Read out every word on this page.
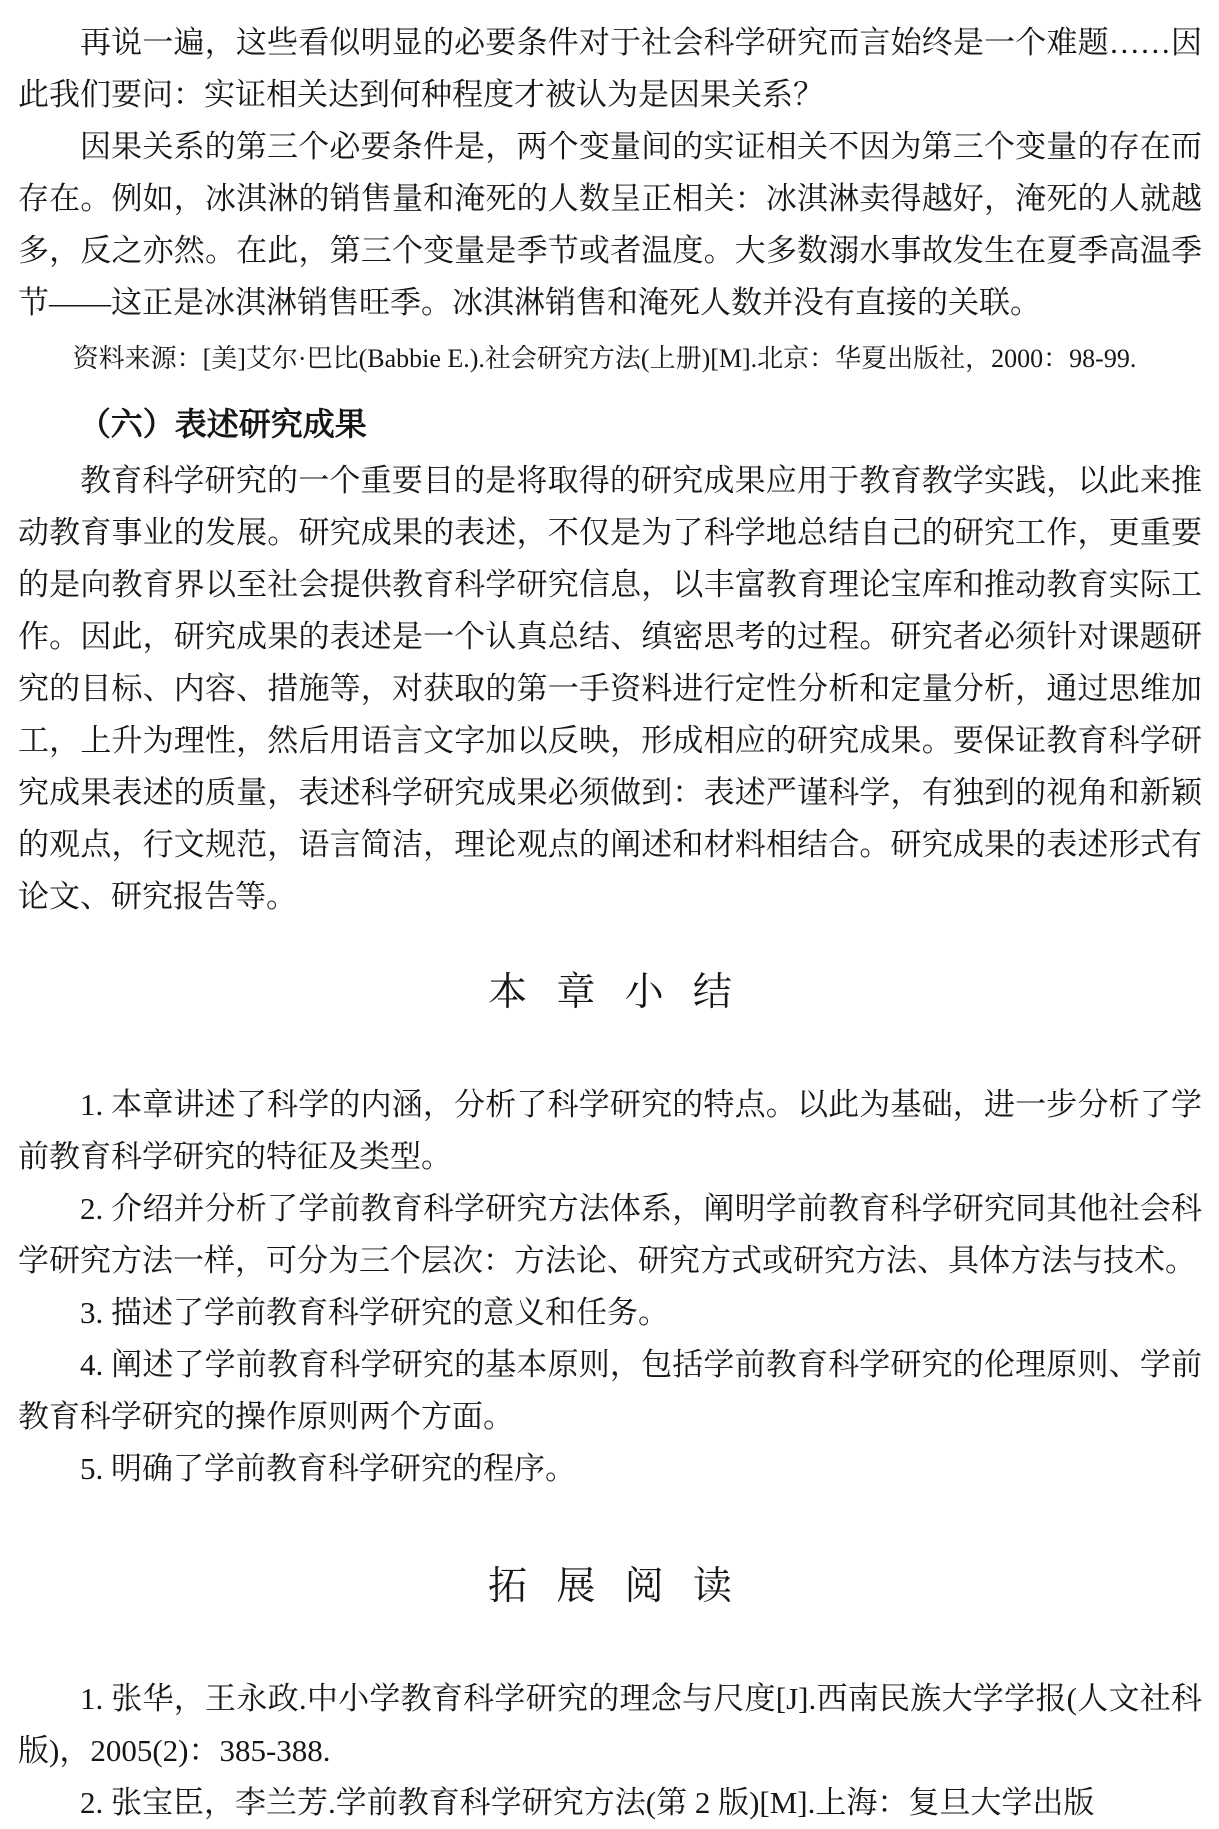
再说一遍，这些看似明显的必要条件对于社会科学研究而言始终是一个难题……因此我们要问：实证相关达到何种程度才被认为是因果关系？

因果关系的第三个必要条件是，两个变量间的实证相关不因为第三个变量的存在而存在。例如，冰淇淋的销售量和淹死的人数呈正相关：冰淇淋卖得越好，淹死的人就越多，反之亦然。在此，第三个变量是季节或者温度。大多数溺水事故发生在夏季高温季节——这正是冰淇淋销售旺季。冰淇淋销售和淹死人数并没有直接的关联。

资料来源：[美]艾尔·巴比(Babbie E.).社会研究方法(上册)[M].北京：华夏出版社，2000：98-99.

（六）表述研究成果

教育科学研究的一个重要目的是将取得的研究成果应用于教育教学实践，以此来推动教育事业的发展。研究成果的表述，不仅是为了科学地总结自己的研究工作，更重要的是向教育界以至社会提供教育科学研究信息，以丰富教育理论宝库和推动教育实际工作。因此，研究成果的表述是一个认真总结、缜密思考的过程。研究者必须针对课题研究的目标、内容、措施等，对获取的第一手资料进行定性分析和定量分析，通过思维加工，上升为理性，然后用语言文字加以反映，形成相应的研究成果。要保证教育科学研究成果表述的质量，表述科学研究成果必须做到：表述严谨科学，有独到的视角和新颖的观点，行文规范，语言简洁，理论观点的阐述和材料相结合。研究成果的表述形式有论文、研究报告等。

本章小结

1. 本章讲述了科学的内涵，分析了科学研究的特点。以此为基础，进一步分析了学前教育科学研究的特征及类型。

2. 介绍并分析了学前教育科学研究方法体系，阐明学前教育科学研究同其他社会科学研究方法一样，可分为三个层次：方法论、研究方式或研究方法、具体方法与技术。

3. 描述了学前教育科学研究的意义和任务。

4. 阐述了学前教育科学研究的基本原则，包括学前教育科学研究的伦理原则、学前教育科学研究的操作原则两个方面。

5. 明确了学前教育科学研究的程序。

拓展阅读

1. 张华，王永政.中小学教育科学研究的理念与尺度[J].西南民族大学学报(人文社科版)，2005(2)：385-388.

2. 张宝臣，李兰芳.学前教育科学研究方法(第 2 版)[M].上海：复旦大学出版
